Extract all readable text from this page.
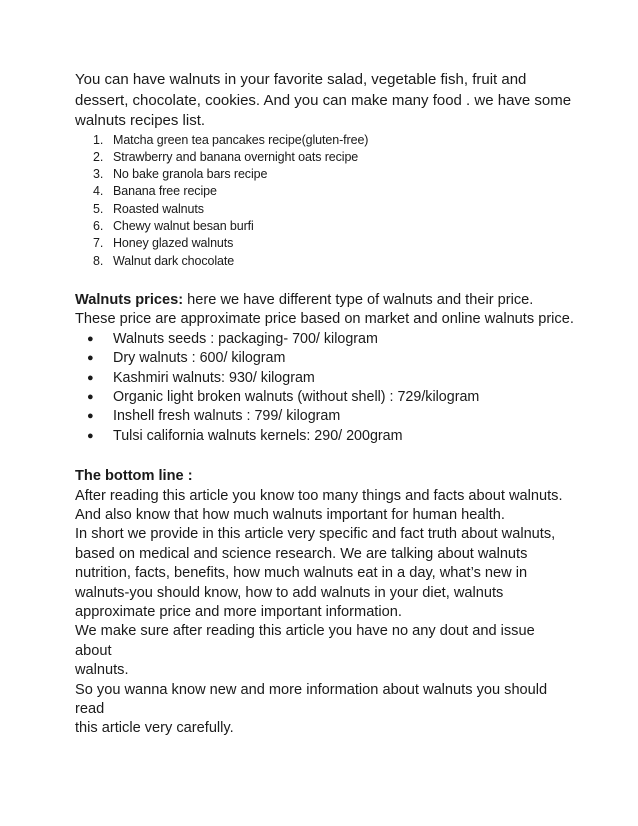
You can have walnuts in your favorite salad, vegetable fish, fruit and dessert, chocolate, cookies. And you can make many food . we have some walnuts recipes list.

1. Matcha green tea pancakes recipe(gluten-free)
2. Strawberry and banana overnight oats recipe
3. No bake granola bars recipe
4. Banana free recipe
5. Roasted walnuts
6. Chewy walnut besan burfi
7. Honey glazed walnuts
8. Walnut dark chocolate

Walnuts prices: here we have different type of walnuts and their price.

These price are approximate price based on market and online walnuts price.

● Walnuts seeds : packaging- 700/ kilogram
● Dry walnuts : 600/ kilogram
● Kashmiri walnuts: 930/ kilogram
● Organic light broken walnuts (without shell) : 729/kilogram
● Inshell fresh walnuts : 799/ kilogram
● Tulsi california walnuts kernels: 290/ 200gram

The bottom line :

After reading this article you know too many things and facts about walnuts.

And also know that how much walnuts important for human health.

In short we provide in this article very specific and fact truth about walnuts,

based on medical and science research. We are talking about walnuts

nutrition, facts, benefits, how much walnuts eat in a day, what’s new in

walnuts-you should know, how to add walnuts in your diet, walnuts

approximate price and more important information.

We make sure after reading this article you have no any dout and issue about

walnuts.

So you wanna know new and more information about walnuts you should read

this article very carefully.
